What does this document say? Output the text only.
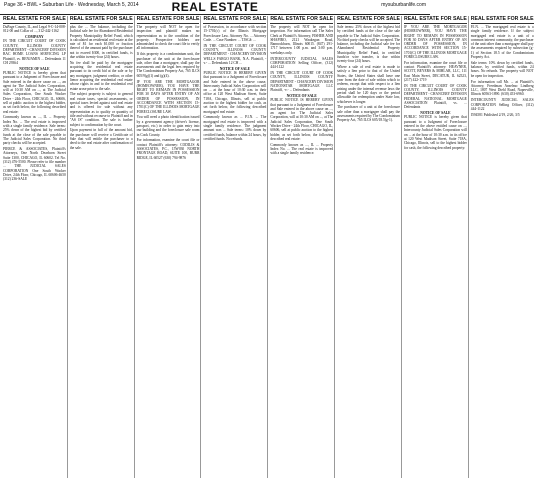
Page 36 • BWL • Suburban Life · Wednesday, March 5, 2014	REAL ESTATE	mysuburbanlife.com
REAL ESTATE FOR SALE
DuPage County, IL, and Legal 9-C-14-008-012-00 and Collar of ..., 312-442-1162
COMPANY
IN THE CIRCUIT COURT OF COOK COUNTY, ILLINOIS COUNTY DEPARTMENT - CHANCERY DIVISION BAC HOME LOANS SERVICING LP Plaintiff, vs. BENJAMIN ... Defendants 11 CH 29364
NOTICE OF SALE
PUBLIC NOTICE is hereby given that pursuant to a Judgment of Foreclosure and Sale entered in the above cause on ..., an agent for The Judicial Sales Corporation, will at 10:30 AM on ..., at The Judicial Sales Corporation, One South Wacker Drive - 24th Floor, CHICAGO, IL, 60606, sell at public auction to the highest bidder, as set forth below, the following described real estate:
Commonly known as ..., IL ... Property Index No. ... The real estate is improved with a single family residence. Sale terms: 25% down of the highest bid by certified funds at the close of the sale payable to The Judicial Sales Corporation. No third party checks will be accepted.
PIERCE & ASSOCIATES, Plaintiff's Attorneys, One North Dearborn Street Suite 1300, CHICAGO, IL 60602. Tel No. (312) 476-5500. Please refer to file number ... THE JUDICIAL SALES CORPORATION One South Wacker Drive, 24th Floor, Chicago, IL 60606-4650 (312) 236-SALE
REAL ESTATE FOR SALE
plus the ... The balance, including the Judicial sale fee for Abandoned Residential Property Municipality Relief Fund, which is calculated on residential real estate at the rate of $1 for each $1,000 or fraction thereof of the amount paid by the purchaser not to exceed $300, in certified funds, is due within twenty-four (24) hours.
No fee shall be paid by the mortgagee acquiring the residential real estate pursuant to its credit bid at the sale or by any mortgagee, judgment creditor, or other lienor acquiring the residential real estate whose rights in and to the residential real estate arose prior to the sale.
The subject property is subject to general real estate taxes, special assessments, or special taxes levied against said real estate and is offered for sale without any representation as to quality or quantity of title and without recourse to Plaintiff and in "AS IS" condition. The sale is further subject to confirmation by the court.
Upon payment in full of the amount bid, the purchaser will receive a Certificate of Sale that will entitle the purchaser to a deed to the real estate after confirmation of the sale.
REAL ESTATE FOR SALE
The property will NOT be open for inspection and plaintiff makes no representation as to the condition of the property. Prospective bidders are admonished to check the court file to verify all information.
If this property is a condominium unit, the purchaser of the unit at the foreclosure sale, other than a mortgagee, shall pay the assessments and the legal fees required by The Condominium Property Act, 765 ILCS 605/9(g)(1) and (g)(4).
IF YOU ARE THE MORTGAGOR (HOMEOWNER), YOU HAVE THE RIGHT TO REMAIN IN POSSESSION FOR 30 DAYS AFTER ENTRY OF AN ORDER OF POSSESSION, IN ACCORDANCE WITH SECTION 15-1701(C) OF THE ILLINOIS MORTGAGE FORECLOSURE LAW.
You will need a photo identification issued by a government agency (driver's license, passport, etc.) in order to gain entry into our building and the foreclosure sale room in Cook County.
For information, examine the court file or contact Plaintiff's attorney: CODILIS & ASSOCIATES, P.C., 15W030 NORTH FRONTAGE ROAD, SUITE 100, BURR RIDGE, IL 60527 (630) 794-9876
REAL ESTATE FOR SALE
of Possession, in accordance with section 15-1701(c) of the Illinois Mortgage Foreclosure Law. Attorney No. ... Attorney Code. ... Case Number: ... TJSC#: ...
IN THE CIRCUIT COURT OF COOK COUNTY, ILLINOIS COUNTY DEPARTMENT - CHANCERY DIVISION WELLS FARGO BANK, N.A. Plaintiff, -v.- ... Defendants 12 CH ...
NOTICE OF SALE
PUBLIC NOTICE IS HEREBY GIVEN that pursuant to a Judgment of Foreclosure and Sale entered in the above cause, Intercounty Judicial Sales Corporation will on ... at the hour of 10:30 a.m. in their office at 120 West Madison Street, Suite 718A, Chicago, Illinois, sell at public auction to the highest bidder for cash, as set forth below, the following described mortgaged real estate:
Commonly known as ... P.I.N. ... The mortgaged real estate is improved with a single family residence. The judgment amount was ... Sale terms: 10% down by certified funds, balance within 24 hours, by certified funds. No refunds.
REAL ESTATE FOR SALE
The property will NOT be open for inspection. For information call The Sales Clerk at Plaintiff's Attorney, FISHER AND SHAPIRO, 2121 Waukegan Road, Bannockburn, Illinois 60015. (847) 291-1717 between 1:00 p.m. and 3:00 p.m. weekdays only.
INTERCOUNTY JUDICIAL SALES CORPORATION Selling Officer, (312) 444-1122
IN THE CIRCUIT COURT OF COOK COUNTY, ILLINOIS COUNTY DEPARTMENT - CHANCERY DIVISION NATIONSTAR MORTGAGE LLC Plaintiff, -v.- ... Defendants
NOTICE OF SALE
PUBLIC NOTICE IS HEREBY GIVEN that pursuant to a Judgment of Foreclosure and Sale entered in the above cause on ..., an agent for The Judicial Sales Corporation, will at 10:30 AM on ..., at The Judicial Sales Corporation, One South Wacker Drive - 24th Floor, CHICAGO, IL, 60606, sell at public auction to the highest bidder, as set forth below, the following described real estate:
Commonly known as ..., IL ... Property Index No. ... The real estate is improved with a single family residence.
REAL ESTATE FOR SALE
Sale terms: 25% down of the highest bid by certified funds at the close of the sale payable to The Judicial Sales Corporation. No third party checks will be accepted. The balance, including the Judicial sale fee for Abandoned Residential Property Municipality Relief Fund, in certified funds/or wire transfer, is due within twenty-four (24) hours.
Where a sale of real estate is made to satisfy a lien prior to that of the United States, the United States shall have one year from the date of sale within which to redeem, except that with respect to a lien arising under the internal revenue laws the period shall be 120 days or the period allowable for redemption under State law, whichever is longer.
The purchaser of a unit at the foreclosure sale other than a mortgagee shall pay the assessments required by The Condominium Property Act, 765 ILCS 605/18.5(g-1).
REAL ESTATE FOR SALE
IF YOU ARE THE MORTGAGOR (HOMEOWNER), YOU HAVE THE RIGHT TO REMAIN IN POSSESSION FOR 30 DAYS AFTER ENTRY OF AN ORDER OF POSSESSION, IN ACCORDANCE WITH SECTION 15-1701(C) OF THE ILLINOIS MORTGAGE FORECLOSURE LAW.
For information, examine the court file or contact Plaintiff's attorney: HEAVNER, SCOTT, BEYERS & MIHLAR, LLC, 111 East Main Street, DECATUR, IL 62523, (217) 422-1719
IN THE CIRCUIT COURT OF COOK COUNTY, ILLINOIS COUNTY DEPARTMENT - CHANCERY DIVISION FEDERAL NATIONAL MORTGAGE ASSOCIATION Plaintiff, vs. ... Defendants
NOTICE OF SALE
PUBLIC NOTICE is hereby given that pursuant to a Judgment of Foreclosure entered in the above entitled cause on ..., Intercounty Judicial Sales Corporation will on ... at the hour of 10:30 a.m. in its office at 120 West Madison Street, Suite 718A, Chicago, Illinois, sell to the highest bidder for cash, the following described property:
REAL ESTATE FOR SALE
P.I.N. ... The mortgaged real estate is a single family residence. If the subject mortgaged real estate is a unit of a common interest community, the purchaser of the unit other than a mortgagee shall pay the assessments required by subsection (g-1) of Section 18.5 of the Condominium Property Act.
Sale terms: 10% down by certified funds, balance, by certified funds, within 24 hours. No refunds. The property will NOT be open for inspection.
For information call Mr. ... at Plaintiff's Attorney, Freedman Anselmo Lindberg LLC, 1807 West Diehl Road, Naperville, Illinois 60563-1890. (630) 453-6960.
INTERCOUNTY JUDICIAL SALES CORPORATION Selling Officer, (312) 444-1122
I594581 Published 2/19, 2/26, 3/5
